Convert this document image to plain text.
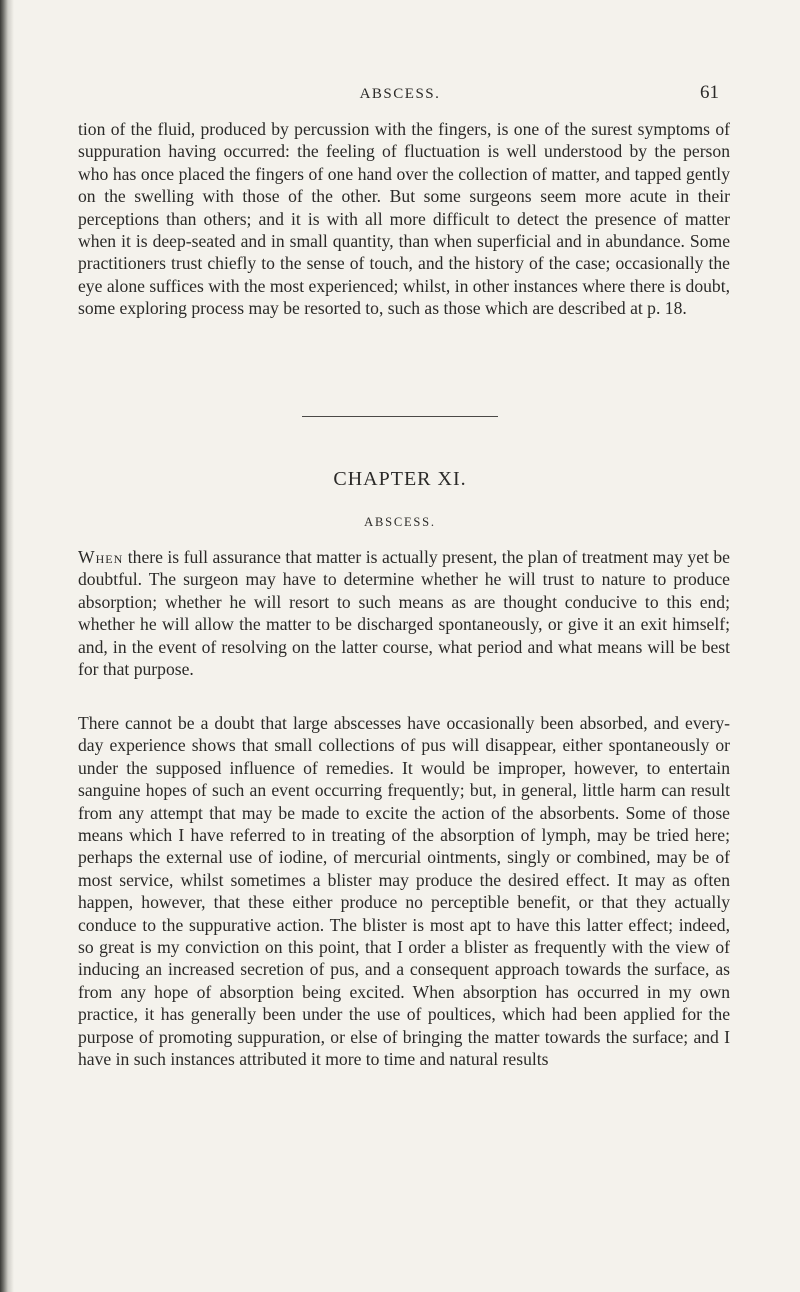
ABSCESS.	61

tion of the fluid, produced by percussion with the fingers, is one of the surest symptoms of suppuration having occurred: the feeling of fluctuation is well understood by the person who has once placed the fingers of one hand over the collection of matter, and tapped gently on the swelling with those of the other. But some surgeons seem more acute in their perceptions than others; and it is with all more difficult to detect the presence of matter when it is deep-seated and in small quantity, than when superficial and in abundance. Some practitioners trust chiefly to the sense of touch, and the history of the case; occasionally the eye alone suffices with the most experienced; whilst, in other instances where there is doubt, some exploring process may be resorted to, such as those which are described at p. 18.

CHAPTER XI.
ABSCESS.

When there is full assurance that matter is actually present, the plan of treatment may yet be doubtful. The surgeon may have to determine whether he will trust to nature to produce absorption; whether he will resort to such means as are thought conducive to this end; whether he will allow the matter to be discharged spontaneously, or give it an exit himself; and, in the event of resolving on the latter course, what period and what means will be best for that purpose.

There cannot be a doubt that large abscesses have occasionally been absorbed, and every-day experience shows that small collections of pus will disappear, either spontaneously or under the supposed influence of remedies. It would be improper, however, to entertain sanguine hopes of such an event occurring frequently; but, in general, little harm can result from any attempt that may be made to excite the action of the absorbents. Some of those means which I have referred to in treating of the absorption of lymph, may be tried here; perhaps the external use of iodine, of mercurial ointments, singly or combined, may be of most service, whilst sometimes a blister may produce the desired effect. It may as often happen, however, that these either produce no perceptible benefit, or that they actually conduce to the suppurative action. The blister is most apt to have this latter effect; indeed, so great is my conviction on this point, that I order a blister as frequently with the view of inducing an increased secretion of pus, and a consequent approach towards the surface, as from any hope of absorption being excited. When absorption has occurred in my own practice, it has generally been under the use of poultices, which had been applied for the purpose of promoting suppuration, or else of bringing the matter towards the surface; and I have in such instances attributed it more to time and natural results
